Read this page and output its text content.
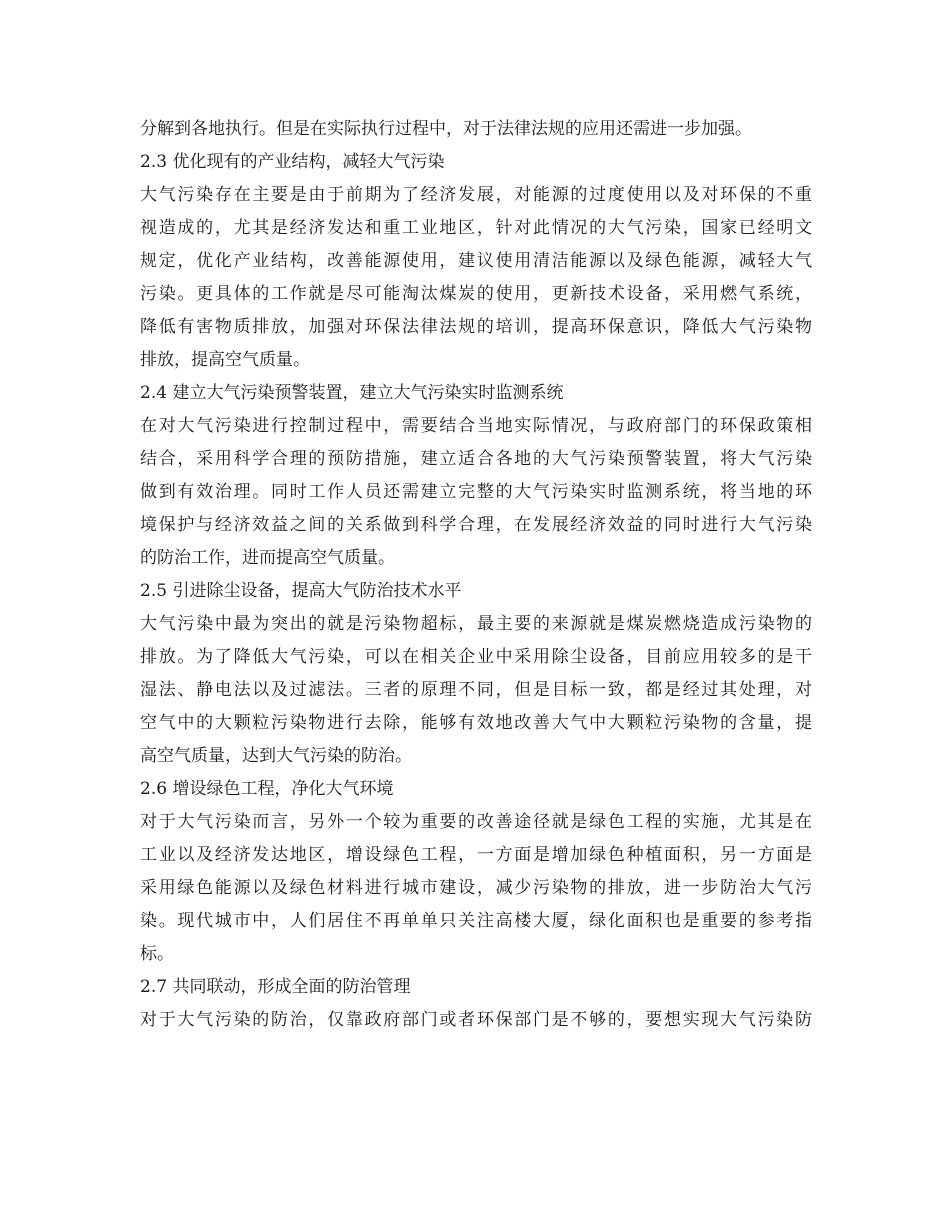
分解到各地执行。但是在实际执行过程中，对于法律法规的应用还需进一步加强。
2.3 优化现有的产业结构，减轻大气污染
大气污染存在主要是由于前期为了经济发展，对能源的过度使用以及对环保的不重
视造成的，尤其是经济发达和重工业地区，针对此情况的大气污染，国家已经明文
规定，优化产业结构，改善能源使用，建议使用清洁能源以及绿色能源，减轻大气
污染。更具体的工作就是尽可能淘汰煤炭的使用，更新技术设备，采用燃气系统，
降低有害物质排放，加强对环保法律法规的培训，提高环保意识，降低大气污染物
排放，提高空气质量。
2.4 建立大气污染预警装置，建立大气污染实时监测系统
在对大气污染进行控制过程中，需要结合当地实际情况，与政府部门的环保政策相
结合，采用科学合理的预防措施，建立适合各地的大气污染预警装置，将大气污染
做到有效治理。同时工作人员还需建立完整的大气污染实时监测系统，将当地的环
境保护与经济效益之间的关系做到科学合理，在发展经济效益的同时进行大气污染
的防治工作，进而提高空气质量。
2.5 引进除尘设备，提高大气防治技术水平
大气污染中最为突出的就是污染物超标，最主要的来源就是煤炭燃烧造成污染物的
排放。为了降低大气污染，可以在相关企业中采用除尘设备，目前应用较多的是干
湿法、静电法以及过滤法。三者的原理不同，但是目标一致，都是经过其处理，对
空气中的大颗粒污染物进行去除，能够有效地改善大气中大颗粒污染物的含量，提
高空气质量，达到大气污染的防治。
2.6 增设绿色工程，净化大气环境
对于大气污染而言，另外一个较为重要的改善途径就是绿色工程的实施，尤其是在
工业以及经济发达地区，增设绿色工程，一方面是增加绿色种植面积，另一方面是
采用绿色能源以及绿色材料进行城市建设，减少污染物的排放，进一步防治大气污
染。现代城市中，人们居住不再单单只关注高楼大厦，绿化面积也是重要的参考指
标。
2.7 共同联动，形成全面的防治管理
对于大气污染的防治，仅靠政府部门或者环保部门是不够的，要想实现大气污染防
